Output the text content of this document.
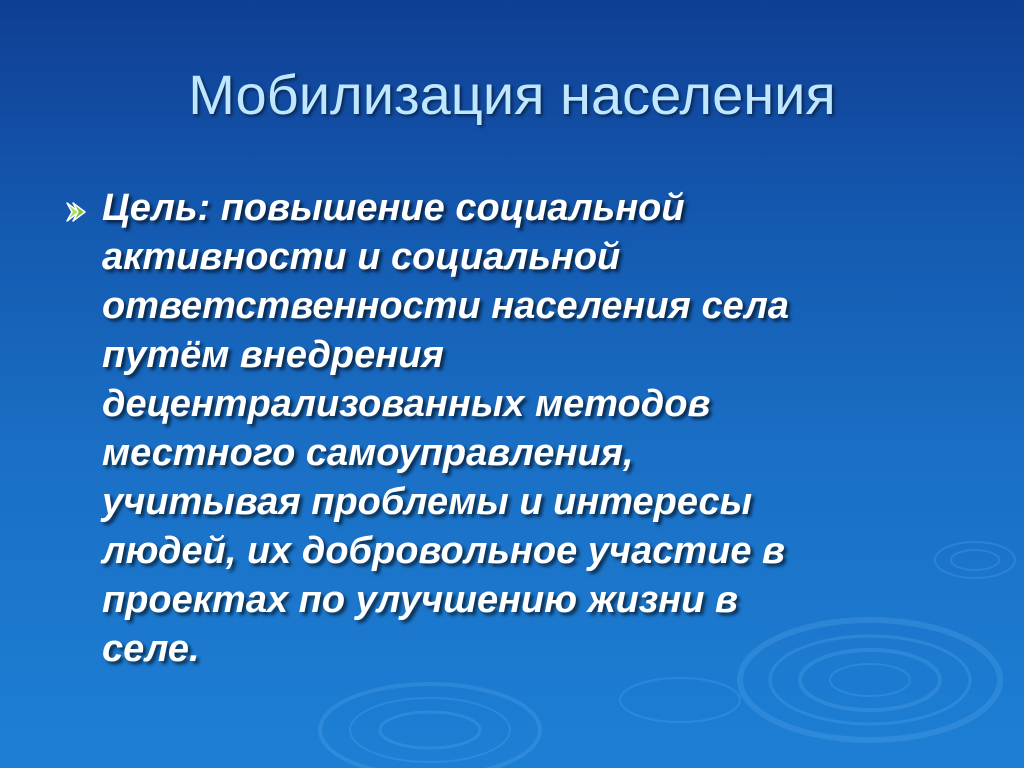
Мобилизация населения

Цель: повышение социальной
активности и социальной
ответственности населения села
путём внедрения
децентрализованных методов
местного самоуправления,
учитывая проблемы и интересы
людей, их добровольное участие в
проектах по улучшению жизни в
селе.
